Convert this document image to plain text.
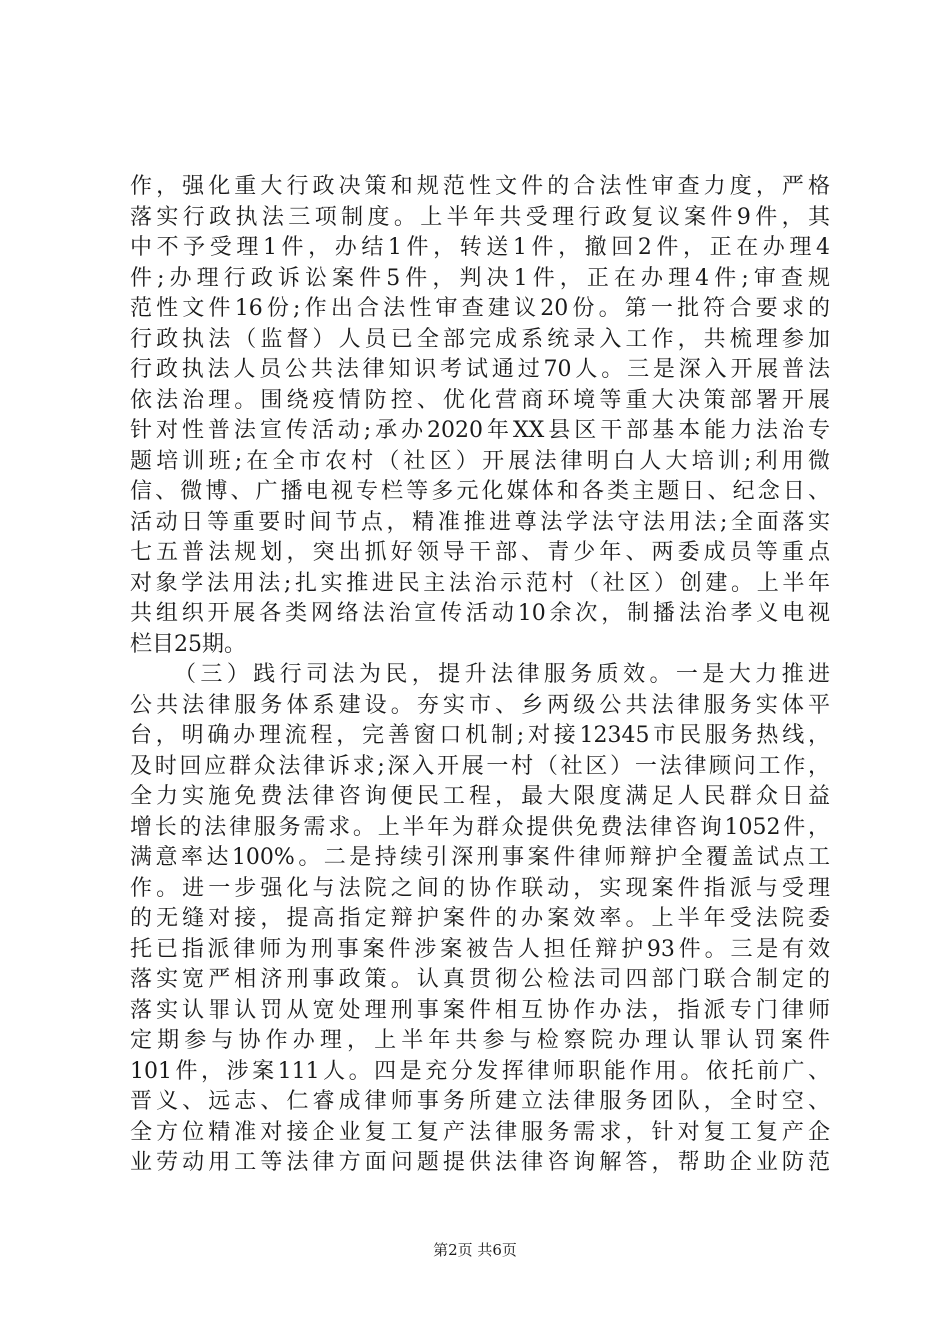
作，强化重大行政决策和规范性文件的合法性审查力度，严格
落实行政执法三项制度。上半年共受理行政复议案件9件，其
中不予受理1件，办结1件，转送1件，撤回2件，正在办理4
件;办理行政诉讼案件5件，判决1件，正在办理4件;审查规
范性文件16份;作出合法性审查建议20份。第一批符合要求的
行政执法（监督）人员已全部完成系统录入工作，共梳理参加
行政执法人员公共法律知识考试通过70人。三是深入开展普法
依法治理。围绕疫情防控、优化营商环境等重大决策部署开展
针对性普法宣传活动;承办2020年XX县区干部基本能力法治专
题培训班;在全市农村（社区）开展法律明白人大培训;利用微
信、微博、广播电视专栏等多元化媒体和各类主题日、纪念日、
活动日等重要时间节点，精准推进尊法学法守法用法;全面落实
七五普法规划，突出抓好领导干部、青少年、两委成员等重点
对象学法用法;扎实推进民主法治示范村（社区）创建。上半年
共组织开展各类网络法治宣传活动10余次，制播法治孝义电视
栏目25期。
（三）践行司法为民，提升法律服务质效。一是大力推进
公共法律服务体系建设。夯实市、乡两级公共法律服务实体平
台，明确办理流程，完善窗口机制;对接12345市民服务热线，
及时回应群众法律诉求;深入开展一村（社区）一法律顾问工作，
全力实施免费法律咨询便民工程，最大限度满足人民群众日益
增长的法律服务需求。上半年为群众提供免费法律咨询1052件，
满意率达100%。二是持续引深刑事案件律师辩护全覆盖试点工
作。进一步强化与法院之间的协作联动，实现案件指派与受理
的无缝对接，提高指定辩护案件的办案效率。上半年受法院委
托已指派律师为刑事案件涉案被告人担任辩护93件。三是有效
落实宽严相济刑事政策。认真贯彻公检法司四部门联合制定的
落实认罪认罚从宽处理刑事案件相互协作办法，指派专门律师
定期参与协作办理，上半年共参与检察院办理认罪认罚案件
101件，涉案111人。四是充分发挥律师职能作用。依托前广、
晋义、远志、仁睿成律师事务所建立法律服务团队，全时空、
全方位精准对接企业复工复产法律服务需求，针对复工复产企
业劳动用工等法律方面问题提供法律咨询解答，帮助企业防范
第2页 共6页
